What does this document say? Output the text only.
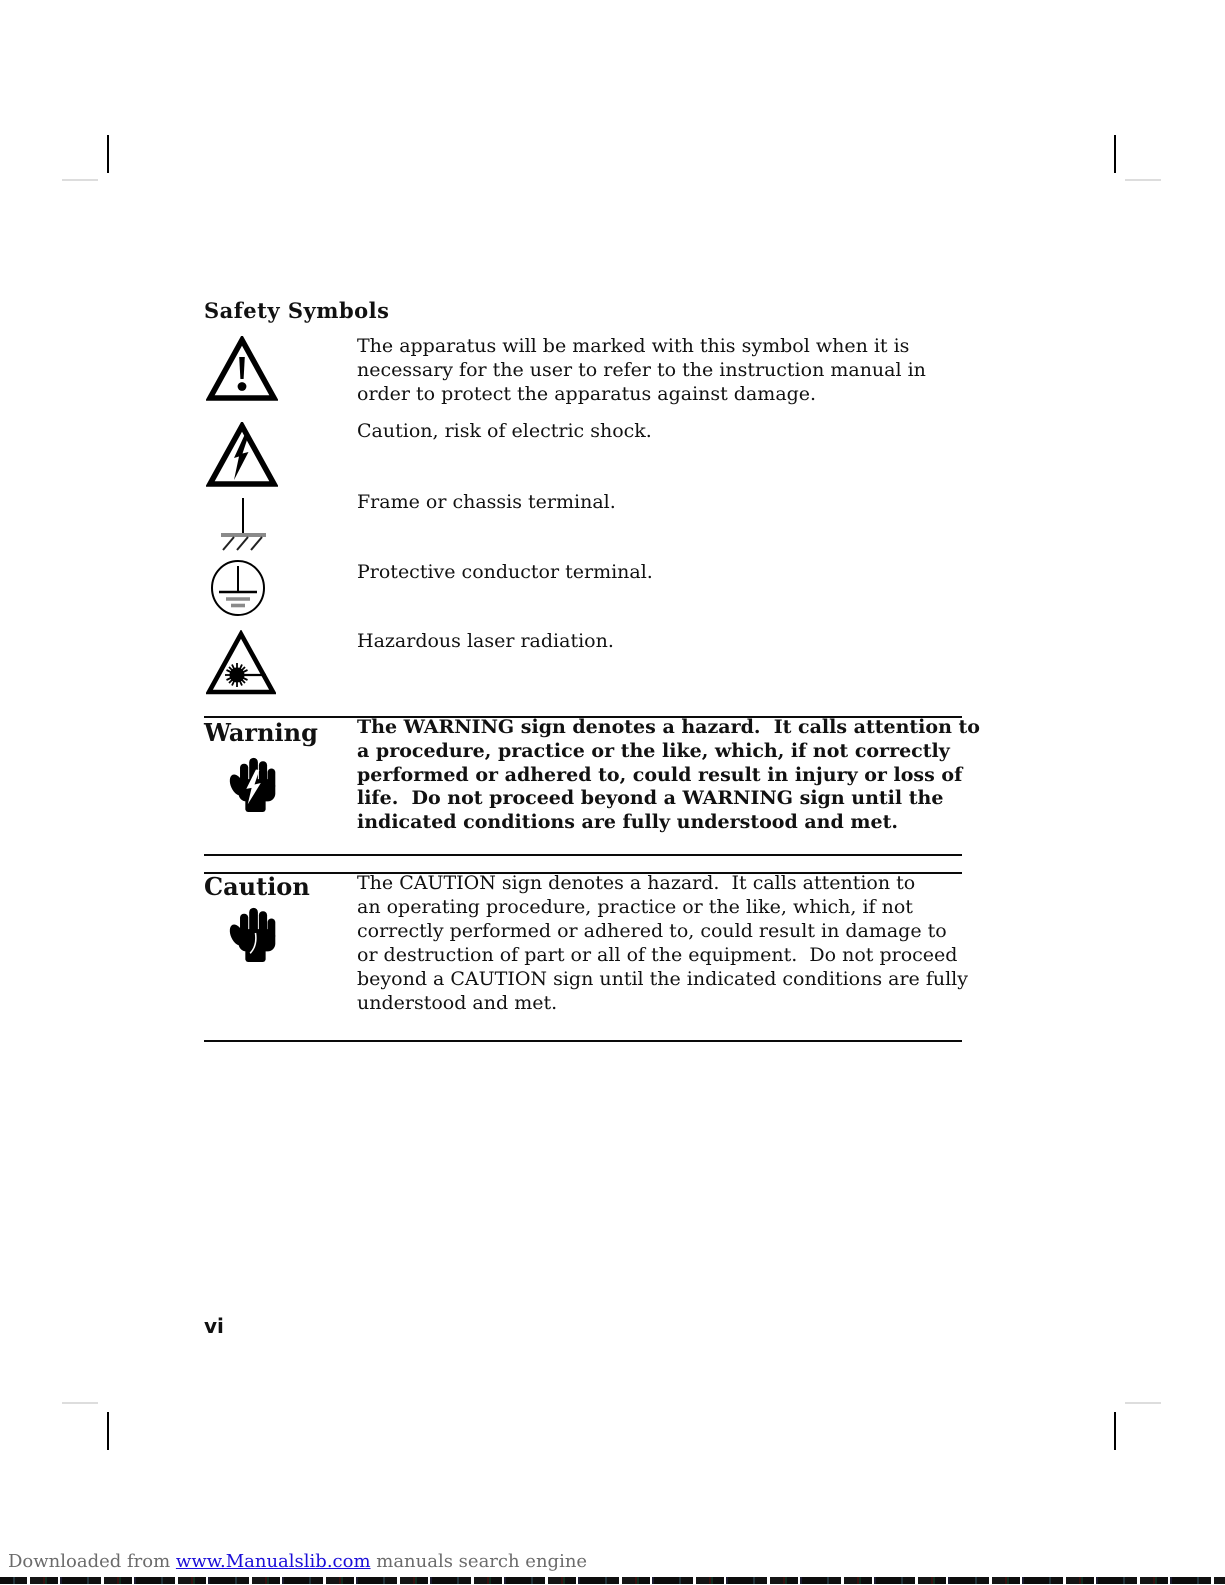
Safety Symbols
The apparatus will be marked with this symbol when it is
necessary for the user to refer to the instruction manual in
order to protect the apparatus against damage.
Caution, risk of electric shock.
Frame or chassis terminal.
Protective conductor terminal.
Hazardous laser radiation.
Warning The WARNING sign denotes a hazard.  It calls attention to
a procedure, practice or the like, which, if not correctly
performed or adhered to, could result in injury or loss of
life.  Do not proceed beyond a WARNING sign until the
indicated conditions are fully understood and met.
Caution The CAUTION sign denotes a hazard.  It calls attention to
an operating procedure, practice or the like, which, if not
correctly performed or adhered to, could result in damage to
or destruction of part or all of the equipment.  Do not proceed
beyond a CAUTION sign until the indicated conditions are fully
understood and met.
vi
Downloaded from www.Manualslib.com manuals search engine
